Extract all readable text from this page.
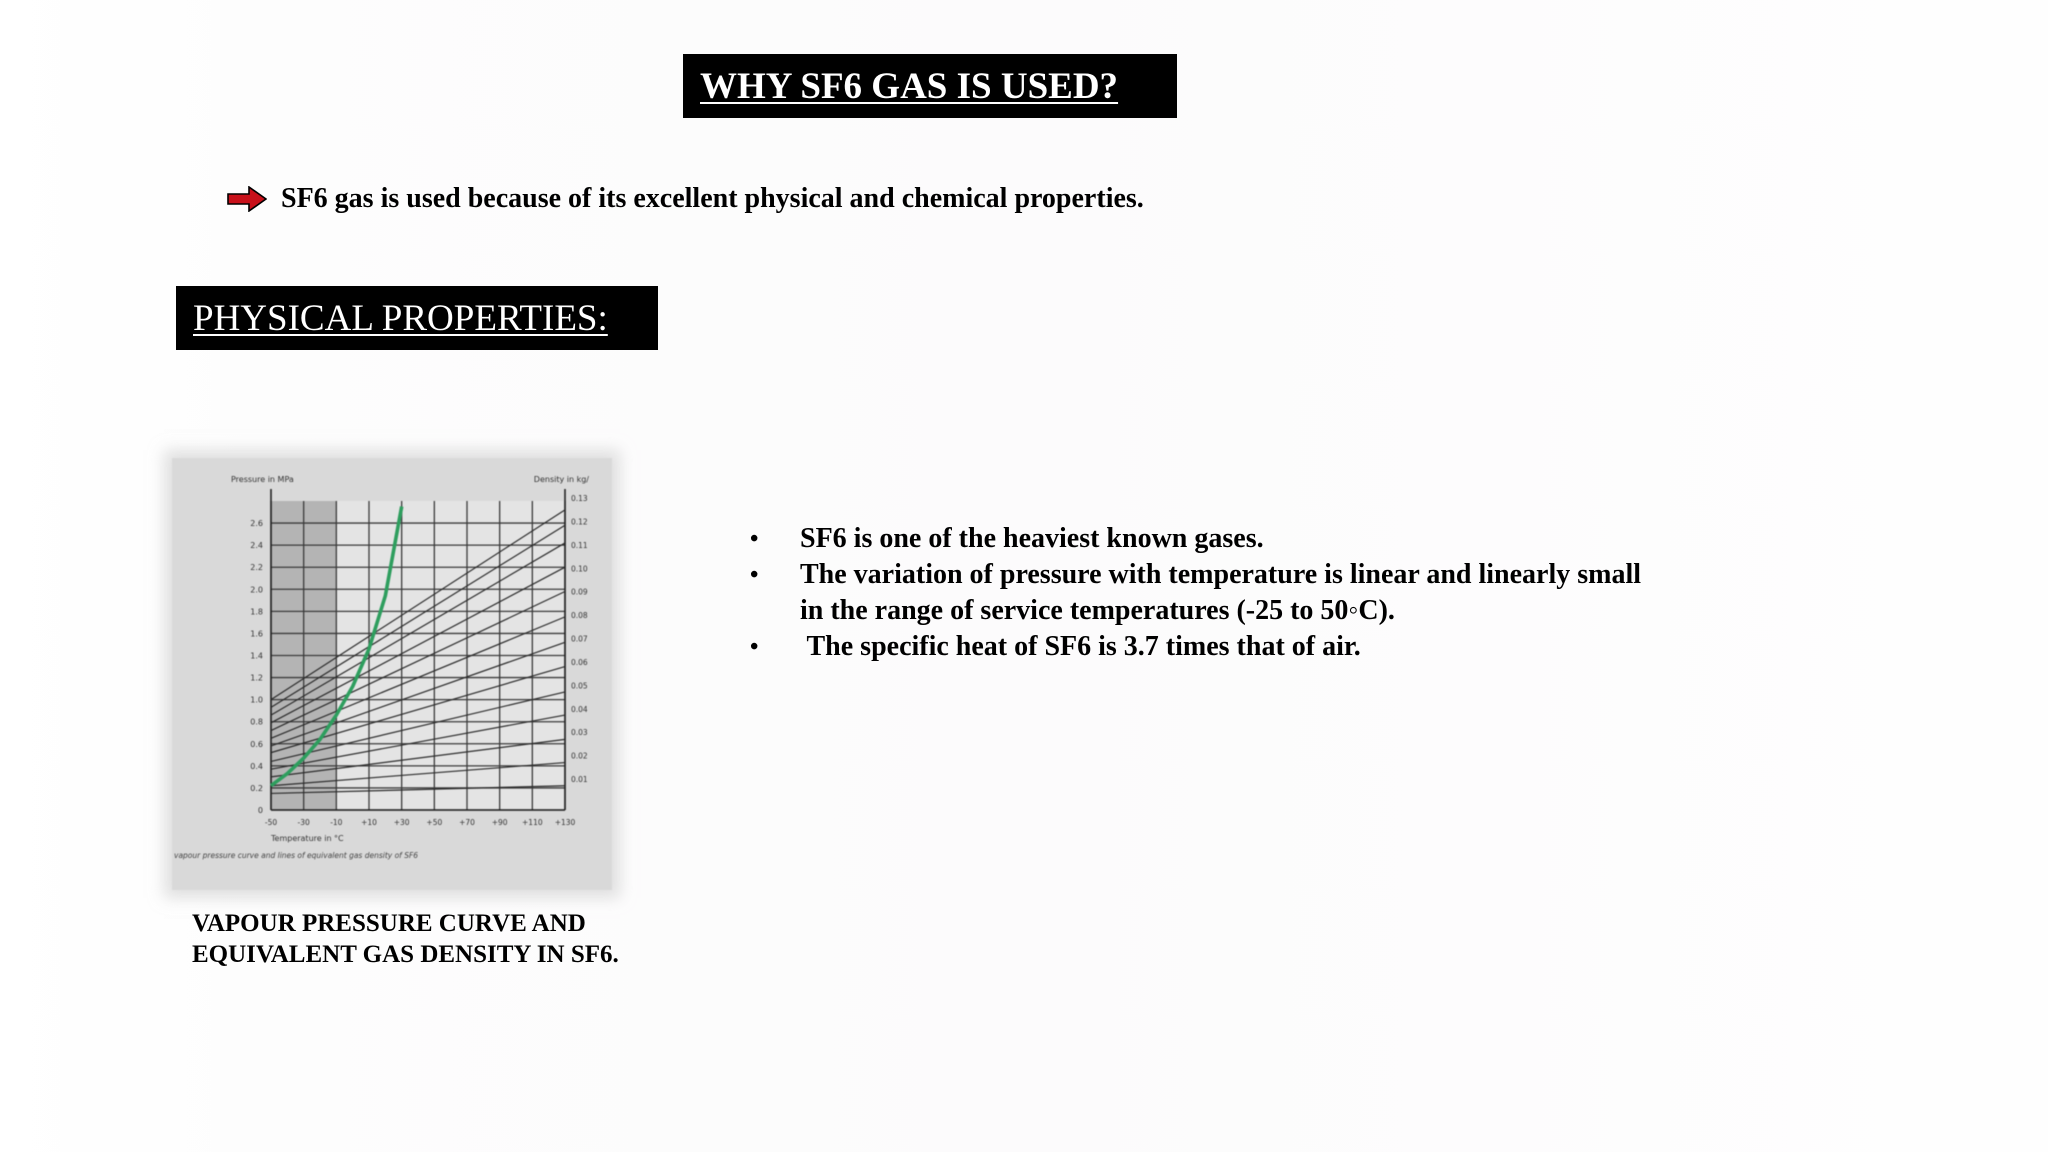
WHY SF6 GAS IS USED?
SF6 gas is used because of its excellent physical and chemical properties.
PHYSICAL PROPERTIES:
0
0.2
0.4
0.6
0.8
1.0
1.2
1.4
1.6
1.8
2.0
2.2
2.4
2.6
0.01
0.02
0.03
0.04
0.05
0.06
0.07
0.08
0.09
0.10
0.11
0.12
0.13
-50	-30	-10 +10 +30 +50 +70 +90 +110 +130
Pressure in MPa	Density in kg/
Temperature in °C
vapour pressure curve and lines of equivalent gas density of SF6
VAPOUR PRESSURE CURVE AND
EQUIVALENT GAS DENSITY IN SF6.
• SF6 is one of the heaviest known gases.
• The variation of pressure with temperature is linear and linearly small in the range of service temperatures (-25 to 50◦C).
• The specific heat of SF6 is 3.7 times that of air.
